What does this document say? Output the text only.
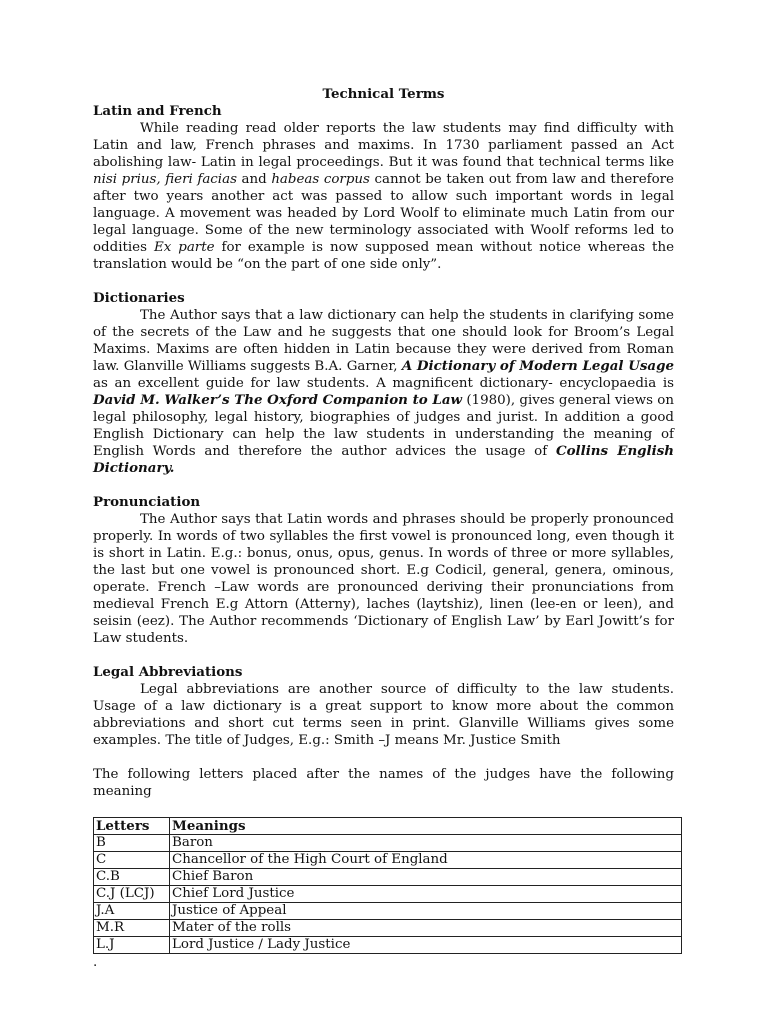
Technical Terms

Latin and French

While reading read older reports the law students may find difficulty with Latin and law, French phrases and maxims. In 1730 parliament passed an Act abolishing law- Latin in legal proceedings. But it was found that technical terms like nisi prius, fieri facias and habeas corpus cannot be taken out from law and therefore after two years another act was passed to allow such important words in legal language. A movement was headed by Lord Woolf to eliminate much Latin from our legal language. Some of the new terminology associated with Woolf reforms led to oddities Ex parte for example is now supposed mean without notice whereas the translation would be “on the part of one side only”.

Dictionaries

The Author says that a law dictionary can help the students in clarifying some of the secrets of the Law and he suggests that one should look for Broom’s Legal Maxims. Maxims are often hidden in Latin because they were derived from Roman law. Glanville Williams suggests B.A. Garner, A Dictionary of Modern Legal Usage as an excellent guide for law students. A magnificent dictionary- encyclopaedia is David M. Walker’s The Oxford Companion to Law (1980), gives general views on legal philosophy, legal history, biographies of judges and jurist. In addition a good English Dictionary can help the law students in understanding the meaning of English Words and therefore the author advices the usage of Collins English Dictionary.

Pronunciation

The Author says that Latin words and phrases should be properly pronounced properly. In words of two syllables the first vowel is pronounced long, even though it is short in Latin. E.g.: bonus, onus, opus, genus. In words of three or more syllables, the last but one vowel is pronounced short. E.g Codicil, general, genera, ominous, operate. French –Law words are pronounced deriving their pronunciations from medieval French E.g Attorn (Atterny), laches (laytshiz), linen (lee-en or leen), and seisin (eez). The Author recommends ‘Dictionary of English Law’ by Earl Jowitt’s for Law students.

Legal Abbreviations

Legal abbreviations are another source of difficulty to the law students. Usage of a law dictionary is a great support to know more about the common abbreviations and short cut terms seen in print. Glanville Williams gives some examples. The title of Judges, E.g.: Smith –J means Mr. Justice Smith

The following letters placed after the names of the judges have the following meaning

Letters	Meanings
B	Baron
C	Chancellor of the High Court of England
C.B	Chief Baron
C.J (LCJ)	Chief Lord Justice
J.A	Justice of Appeal
M.R	Mater of the rolls
L.J	Lord Justice / Lady Justice

.
